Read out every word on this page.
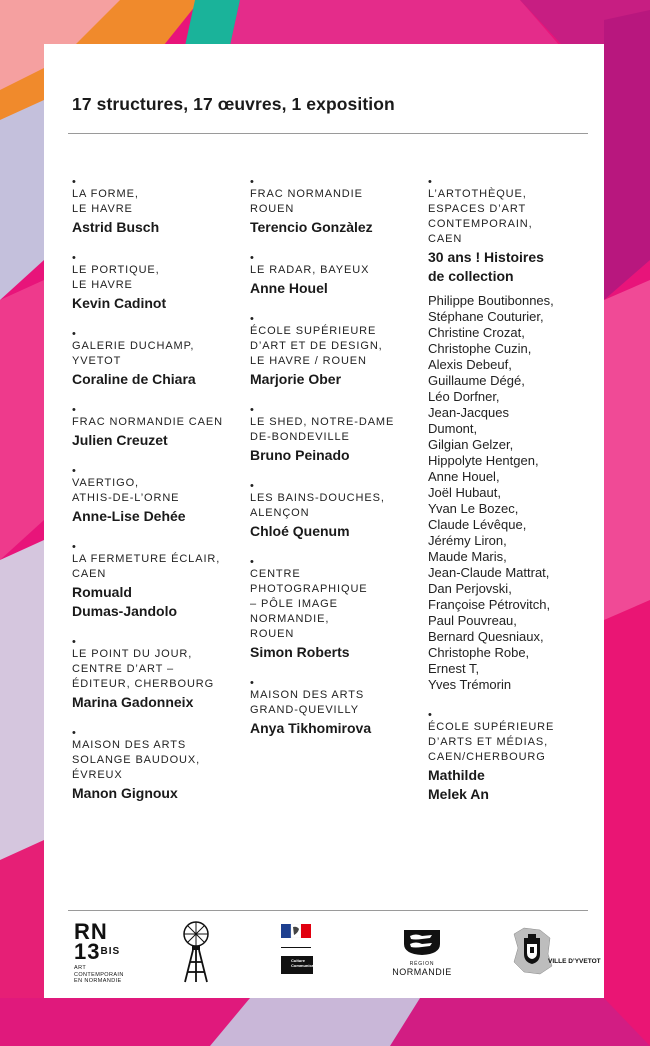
17 structures, 17 œuvres, 1 exposition
•
LA FORME,
LE HAVRE
Astrid Busch
•
LE PORTIQUE,
LE HAVRE
Kevin Cadinot
•
GALERIE DUCHAMP,
YVETOT
Coraline de Chiara
•
FRAC NORMANDIE CAEN
Julien Creuzet
•
VAERTIGO,
ATHIS-DE-L’ORNE
Anne-Lise Dehée
•
LA FERMETURE ÉCLAIR,
CAEN
Romuald
Dumas-Jandolo
•
LE POINT DU JOUR,
CENTRE D’ART –
ÉDITEUR, CHERBOURG
Marina Gadonneix
•
MAISON DES ARTS
SOLANGE BAUDOUX,
ÉVREUX
Manon Gignoux
•
FRAC NORMANDIE
ROUEN
Terencio Gonzàlez
•
LE RADAR, BAYEUX
Anne Houel
•
ÉCOLE SUPÉRIEURE
D’ART ET DE DESIGN,
LE HAVRE / ROUEN
Marjorie Ober
•
LE SHED, NOTRE-DAME
DE-BONDEVILLE
Bruno Peinado
•
LES BAINS-DOUCHES,
ALENÇON
Chloé Quenum
•
CENTRE
PHOTOGRAPHIQUE
– PÔLE IMAGE
NORMANDIE,
ROUEN
Simon Roberts
•
MAISON DES ARTS
GRAND-QUEVILLY
Anya Tikhomirova
•
L’ARTOTHÈQUE,
ESPACES D’ART
CONTEMPORAIN,
CAEN
30 ans ! Histoires
de collection
Philippe Boutibonnes,
Stéphane Couturier,
Christine Crozat,
Christophe Cuzin,
Alexis Debeuf,
Guillaume Dégé,
Léo Dorfner,
Jean-Jacques
Dumont,
Gilgian Gelzer,
Hippolyte Hentgen,
Anne Houel,
Joël Hubaut,
Yvan Le Bozec,
Claude Lévêque,
Jérémy Liron,
Maude Maris,
Jean-Claude Mattrat,
Dan Perjovski,
Françoise Pétrovitch,
Paul Pouvreau,
Bernard Quesniaux,
Christophe Robe,
Ernest T,
Yves Trémorin
•
ÉCOLE SUPÉRIEURE
D’ARTS ET MÉDIAS,
CAEN/CHERBOURG
Mathilde
Melek An
RN
$13^{BIS}$
ART
CONTEMPORAIN
EN NORMANDIE
Culture
Communication	RÉGION
NORMANDIE
VILLE D’YVETOT
